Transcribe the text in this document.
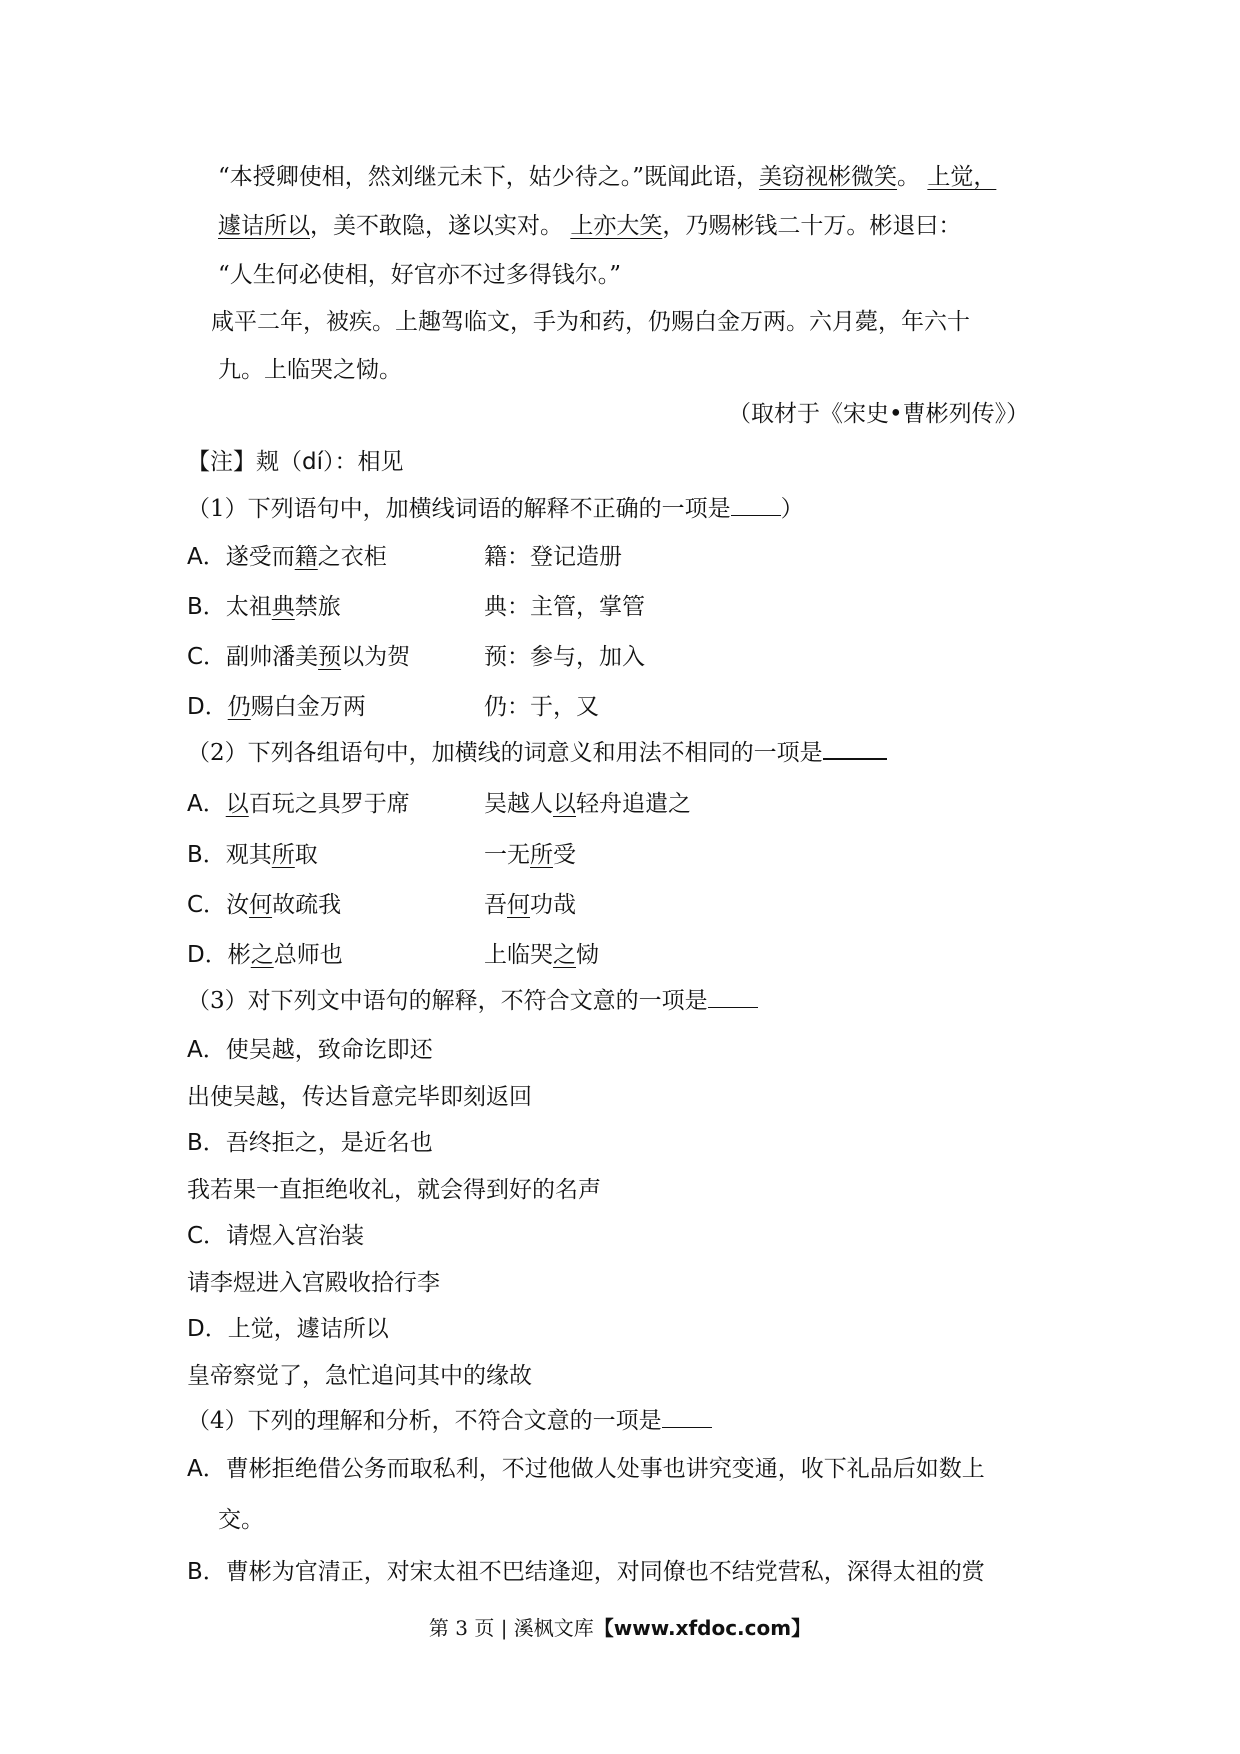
“本授卿使相，然刘继元未下，姑少待之。”既闻此语，美窃视彬微笑。 上觉，

遽诘所以，美不敢隐，遂以实对。 上亦大笑，乃赐彬钱二十万。彬退曰：

“人生何必使相，好官亦不过多得钱尔。”

咸平二年，被疾。上趣驾临文，手为和药，仍赐白金万两。六月薨，年六十

九。上临哭之恸。

（取材于《宋史•曹彬列传》）

【注】觌（dí）：相见

（1）下列语句中，加横线词语的解释不正确的一项是 ）

A．遂受而籍之衣柜	籍：登记造册
B．太祖典禁旅	典：主管，掌管
C．副帅潘美预以为贺	预：参与，加入
D．仍赐白金万两	仍：于，又

（2）下列各组语句中，加横线的词意义和用法不相同的一项是

A．以百玩之具罗于席	吴越人以轻舟追遣之
B．观其所取	一无所受
C．汝何故疏我	吾何功哉
D．彬之总师也	上临哭之恸

（3）对下列文中语句的解释，不符合文意的一项是

A．使吴越，致命讫即还
出使吴越，传达旨意完毕即刻返回
B．吾终拒之，是近名也
我若果一直拒绝收礼，就会得到好的名声
C．请煜入宫治装
请李煜进入宫殿收拾行李
D．上觉，遽诘所以
皇帝察觉了，急忙追问其中的缘故

（4）下列的理解和分析，不符合文意的一项是

A．曹彬拒绝借公务而取私利，不过他做人处事也讲究变通，收下礼品后如数上
交。
B．曹彬为官清正，对宋太祖不巴结逢迎，对同僚也不结党营私，深得太祖的赏
第 3 页 | 溪枫文库【www.xfdoc.com】
